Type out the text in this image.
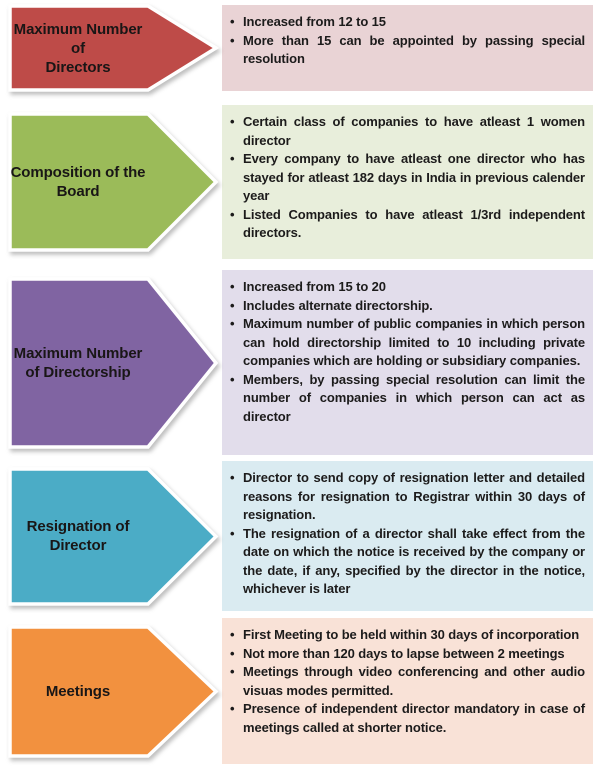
Maximum Number of
Directors
• Increased from 12 to 15
• More than 15 can be appointed by passing special resolution
Composition of the
Board
• Certain class of companies to have atleast 1 women director
• Every company to have atleast one director who has stayed for atleast 182 days in India in previous calender year
• Listed Companies to have atleast 1/3rd independent directors.
Maximum Number
of Directorship
• Increased from 15 to 20
• Includes alternate directorship.
• Maximum number of public companies in which person can hold directorship limited to 10 including private companies which are holding or subsidiary companies.
• Members, by passing special resolution can limit the number of companies in which person can act as director
Resignation of
Director
• Director to send copy of resignation letter and detailed reasons for resignation to Registrar within 30 days of resignation.
• The resignation of a director shall take effect from the date on which the notice is received by the company or the date, if any, specified by the director in the notice, whichever is later
Meetings
• First Meeting to be held within 30 days of incorporation
• Not more than 120 days to lapse between 2 meetings
• Meetings through video conferencing and other audio visuas modes permitted.
• Presence of independent director mandatory in case of meetings called at shorter notice.
